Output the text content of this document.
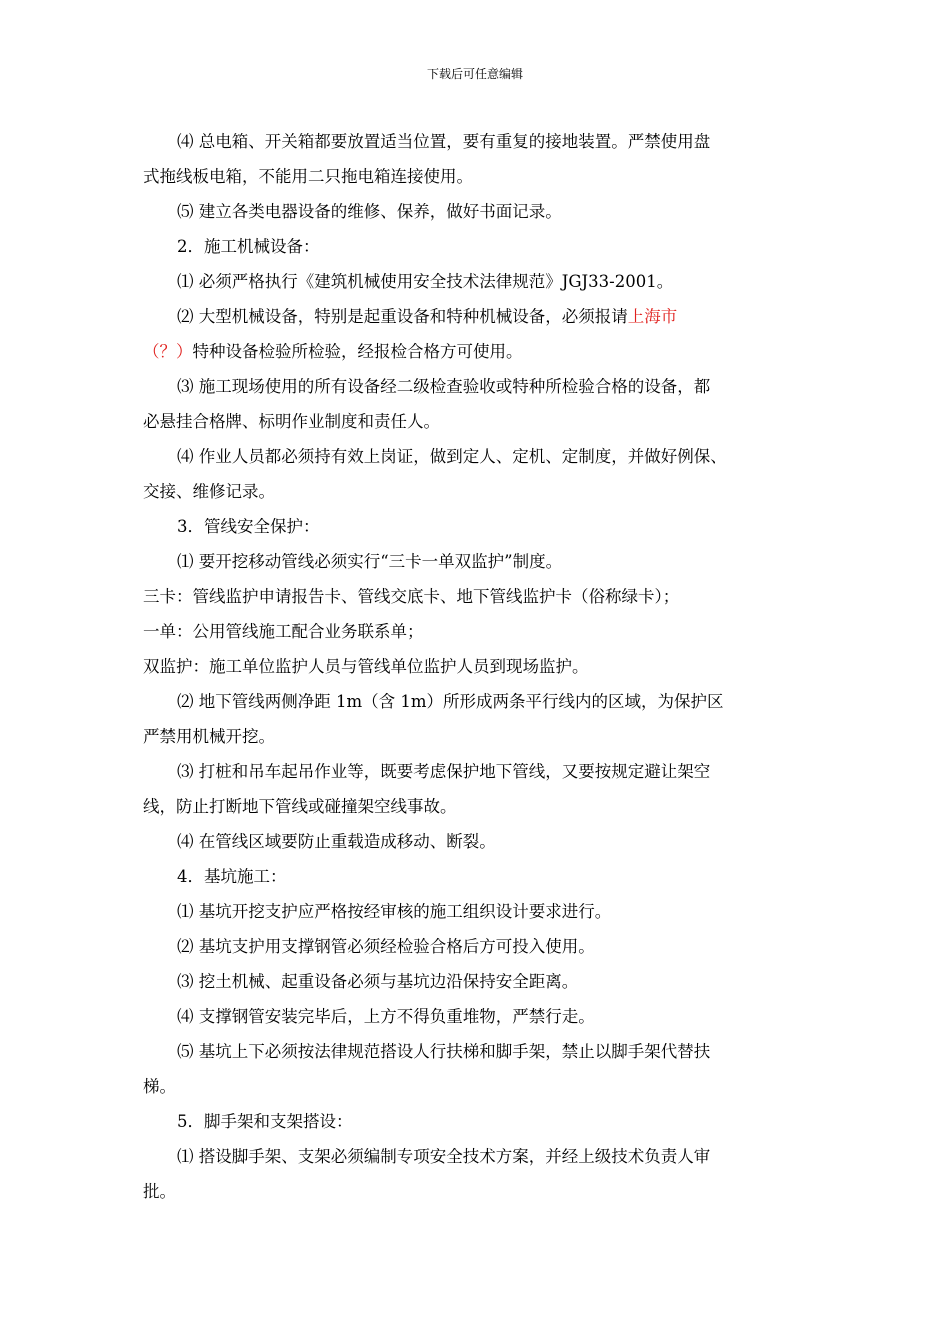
下载后可任意编辑

⑷ 总电箱、开关箱都要放置适当位置，要有重复的接地装置。严禁使用盘

式拖线板电箱，不能用二只拖电箱连接使用。

⑸ 建立各类电器设备的维修、保养，做好书面记录。

2．施工机械设备：

⑴ 必须严格执行《建筑机械使用安全技术法律规范》JGJ33-2001。

⑵ 大型机械设备，特别是起重设备和特种机械设备，必须报请上海市

（？）特种设备检验所检验，经报检合格方可使用。

⑶ 施工现场使用的所有设备经二级检查验收或特种所检验合格的设备，都

必悬挂合格牌、标明作业制度和责任人。

⑷ 作业人员都必须持有效上岗证，做到定人、定机、定制度，并做好例保、

交接、维修记录。

3．管线安全保护：

⑴ 要开挖移动管线必须实行“三卡一单双监护”制度。

三卡：管线监护申请报告卡、管线交底卡、地下管线监护卡（俗称绿卡）；

一单：公用管线施工配合业务联系单；

双监护：施工单位监护人员与管线单位监护人员到现场监护。

⑵ 地下管线两侧净距 1m（含 1m）所形成两条平行线内的区域，为保护区

严禁用机械开挖。

⑶ 打桩和吊车起吊作业等，既要考虑保护地下管线，又要按规定避让架空

线，防止打断地下管线或碰撞架空线事故。

⑷ 在管线区域要防止重载造成移动、断裂。

4．基坑施工：

⑴ 基坑开挖支护应严格按经审核的施工组织设计要求进行。

⑵ 基坑支护用支撑钢管必须经检验合格后方可投入使用。

⑶ 挖土机械、起重设备必须与基坑边沿保持安全距离。

⑷ 支撑钢管安装完毕后，上方不得负重堆物，严禁行走。

⑸ 基坑上下必须按法律规范搭设人行扶梯和脚手架，禁止以脚手架代替扶

梯。

5．脚手架和支架搭设：

⑴ 搭设脚手架、支架必须编制专项安全技术方案，并经上级技术负责人审

批。
